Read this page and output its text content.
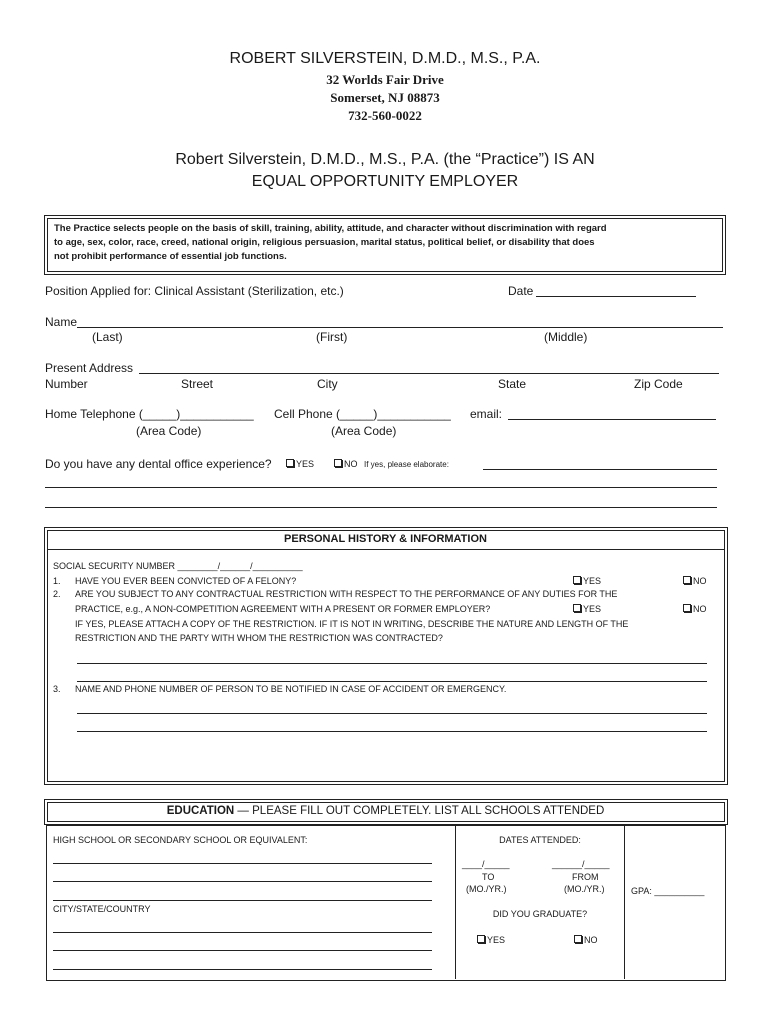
ROBERT SILVERSTEIN, D.M.D., M.S., P.A.
32 Worlds Fair Drive
Somerset, NJ 08873
732-560-0022
Robert Silverstein, D.M.D., M.S., P.A. (the “Practice”) IS AN
EQUAL OPPORTUNITY EMPLOYER
The Practice selects people on the basis of skill, training, ability, attitude, and character without discrimination with regard
to age, sex, color, race, creed, national origin, religious persuasion, marital status, political belief, or disability that does
not prohibit performance of essential job functions.
Position Applied for: Clinical Assistant (Sterilization, etc.)	Date
Name
(Last)	(First)	(Middle)
Present Address
Number	Street	City	State	Zip Code
Home Telephone (_____)___________ Cell Phone (_____)___________ email:
(Area Code)	(Area Code)
Do you have any dental office experience?	YES	NO If yes, please elaborate:
PERSONAL HISTORY & INFORMATION
SOCIAL SECURITY NUMBER ________/______/__________
1. HAVE YOU EVER BEEN CONVICTED OF A FELONY?	YES	NO
2. ARE YOU SUBJECT TO ANY CONTRACTUAL RESTRICTION WITH RESPECT TO THE PERFORMANCE OF ANY DUTIES FOR THE
PRACTICE, e.g., A NON-COMPETITION AGREEMENT WITH A PRESENT OR FORMER EMPLOYER?	YES	NO
IF YES, PLEASE ATTACH A COPY OF THE RESTRICTION. IF IT IS NOT IN WRITING, DESCRIBE THE NATURE AND LENGTH OF THE
RESTRICTION AND THE PARTY WITH WHOM THE RESTRICTION WAS CONTRACTED?
3. NAME AND PHONE NUMBER OF PERSON TO BE NOTIFIED IN CASE OF ACCIDENT OR EMERGENCY.
EDUCATION — PLEASE FILL OUT COMPLETELY. LIST ALL SCHOOLS ATTENDED
HIGH SCHOOL OR SECONDARY SCHOOL OR EQUIVALENT:
CITY/STATE/COUNTRY
DATES ATTENDED:
____/_____	______/_____
TO	FROM
(MO./YR.)	(MO./YR.)
DID YOU GRADUATE?
YES	NO
GPA: __________
